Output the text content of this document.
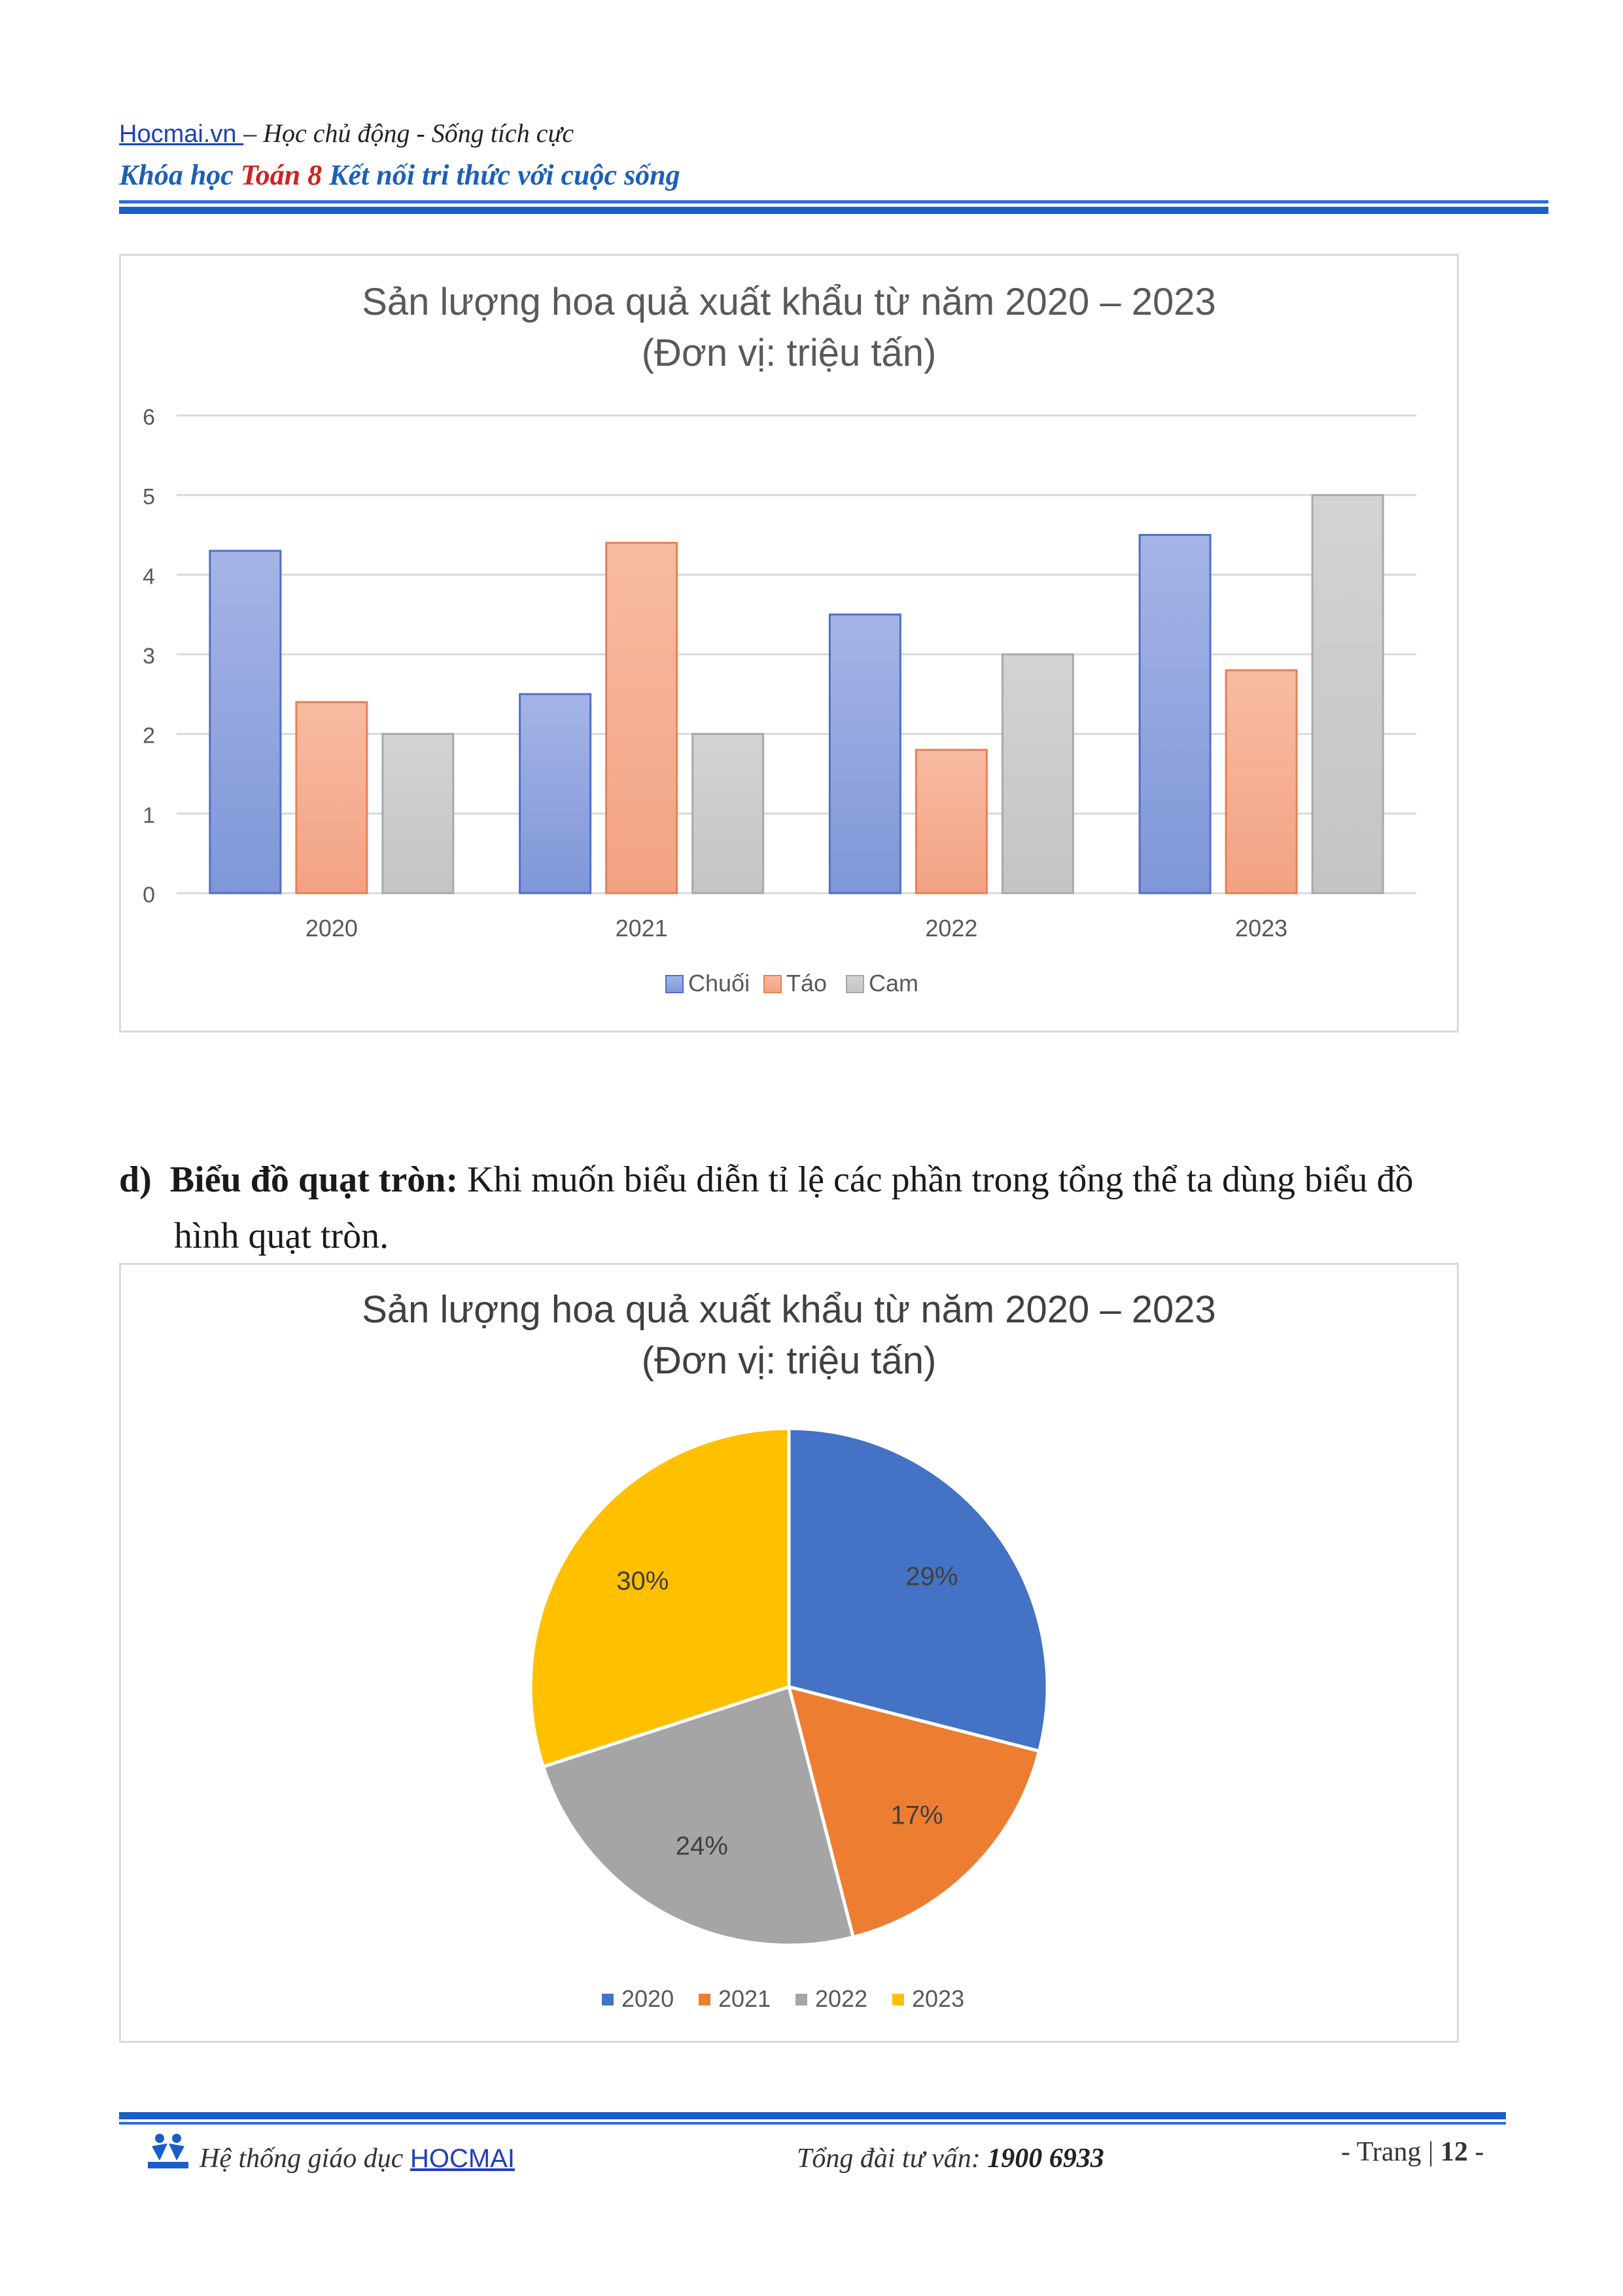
Hocmai.vn – Học chủ động - Sống tích cực
Khóa học Toán 8 Kết nối tri thức với cuộc sống
Sản lượng hoa quả xuất khẩu từ năm 2020 – 2023
(Đơn vị: triệu tấn)
0
1
2
3
4
5
6
2020	2021	2022	2023
Chuối Táo Cam
d) Biểu đồ quạt tròn: Khi muốn biểu diễn tỉ lệ các phần trong tổng thể ta dùng biểu đồ
hình quạt tròn.
Sản lượng hoa quả xuất khẩu từ năm 2020 – 2023
(Đơn vị: triệu tấn)
29%
17%
24%
30%
2020 2021 2022 2023
Hệ thống giáo dục HOCMAI	Tổng đài tư vấn: 1900 6933	- Trang | 12 -
